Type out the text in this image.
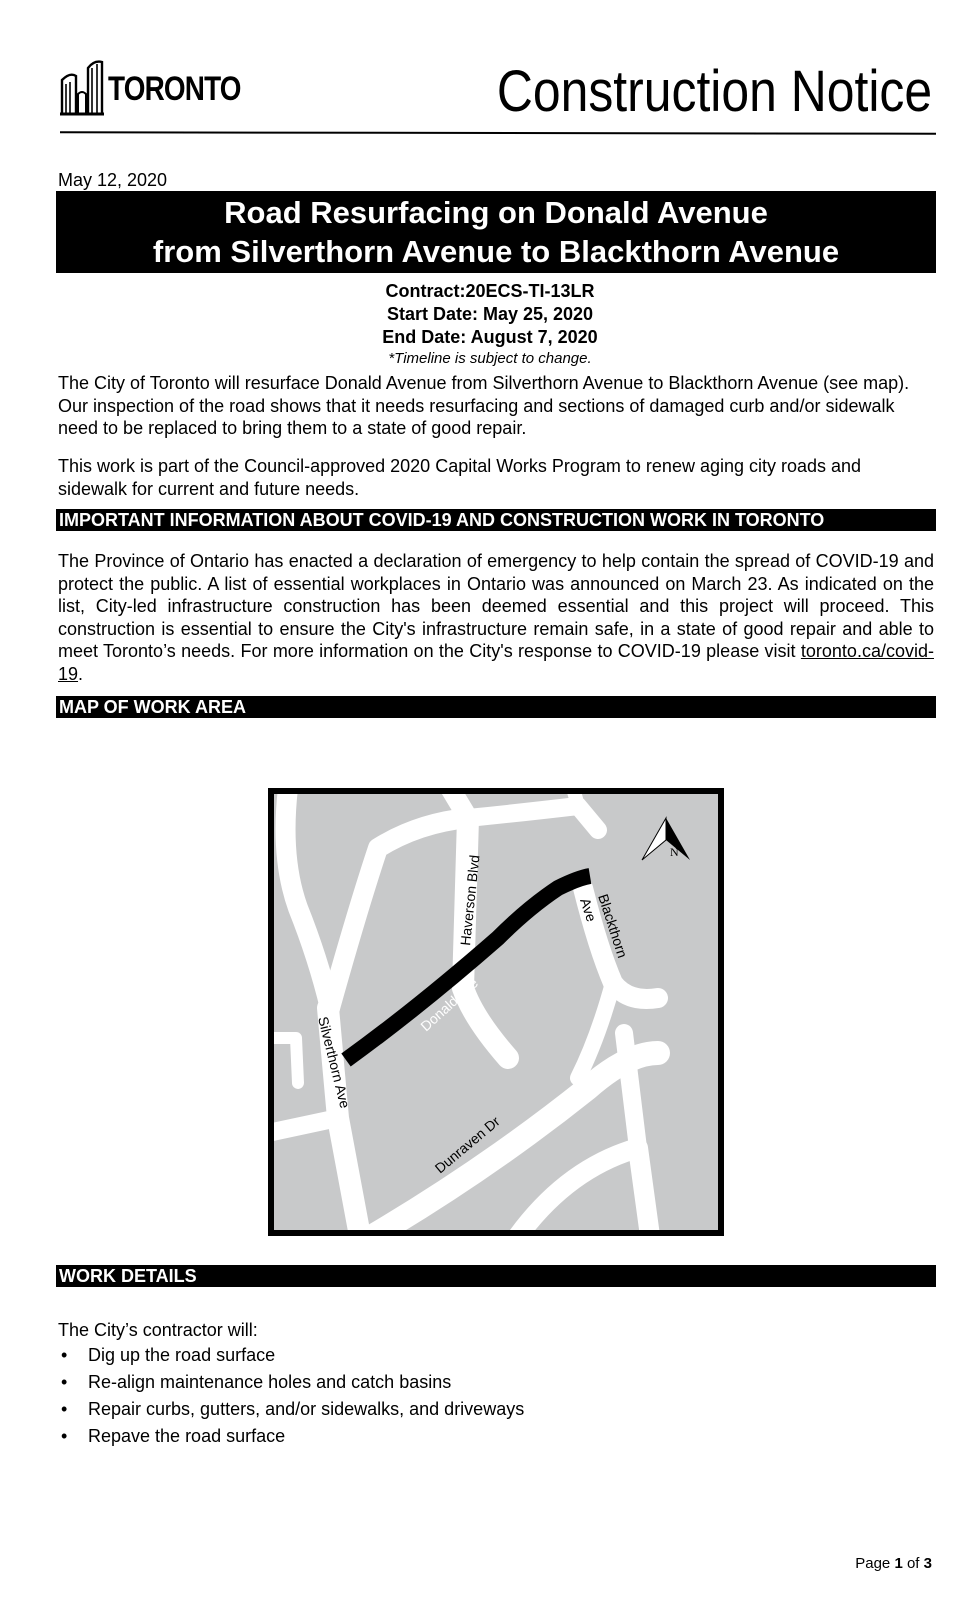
TORONTO	Construction Notice
May 12, 2020
Road Resurfacing on Donald Avenue
from Silverthorn Avenue to Blackthorn Avenue
Contract:20ECS-TI-13LR
Start Date: May 25, 2020
End Date: August 7, 2020
*Timeline is subject to change.
The City of Toronto will resurface Donald Avenue from Silverthorn Avenue to Blackthorn Avenue (see map). Our inspection of the road shows that it needs resurfacing and sections of damaged curb and/or sidewalk need to be replaced to bring them to a state of good repair.
This work is part of the Council-approved 2020 Capital Works Program to renew aging city roads and sidewalk for current and future needs.
IMPORTANT INFORMATION ABOUT COVID-19 AND CONSTRUCTION WORK IN TORONTO
The Province of Ontario has enacted a declaration of emergency to help contain the spread of COVID-19 and protect the public. A list of essential workplaces in Ontario was announced on March 23. As indicated on the list, City-led infrastructure construction has been deemed essential and this project will proceed. This construction is essential to ensure the City's infrastructure remain safe, in a state of good repair and able to meet Toronto’s needs. For more information on the City's response to COVID-19 please visit toronto.ca/covid-19.
MAP OF WORK AREA
N
Haverson Blvd
Donald Ave
Blackthorn
Ave
Silverthorn Ave
Dunraven Dr
WORK DETAILS
The City’s contractor will:
• Dig up the road surface
• Re-align maintenance holes and catch basins
• Repair curbs, gutters, and/or sidewalks, and driveways
• Repave the road surface
Page 1 of 3
